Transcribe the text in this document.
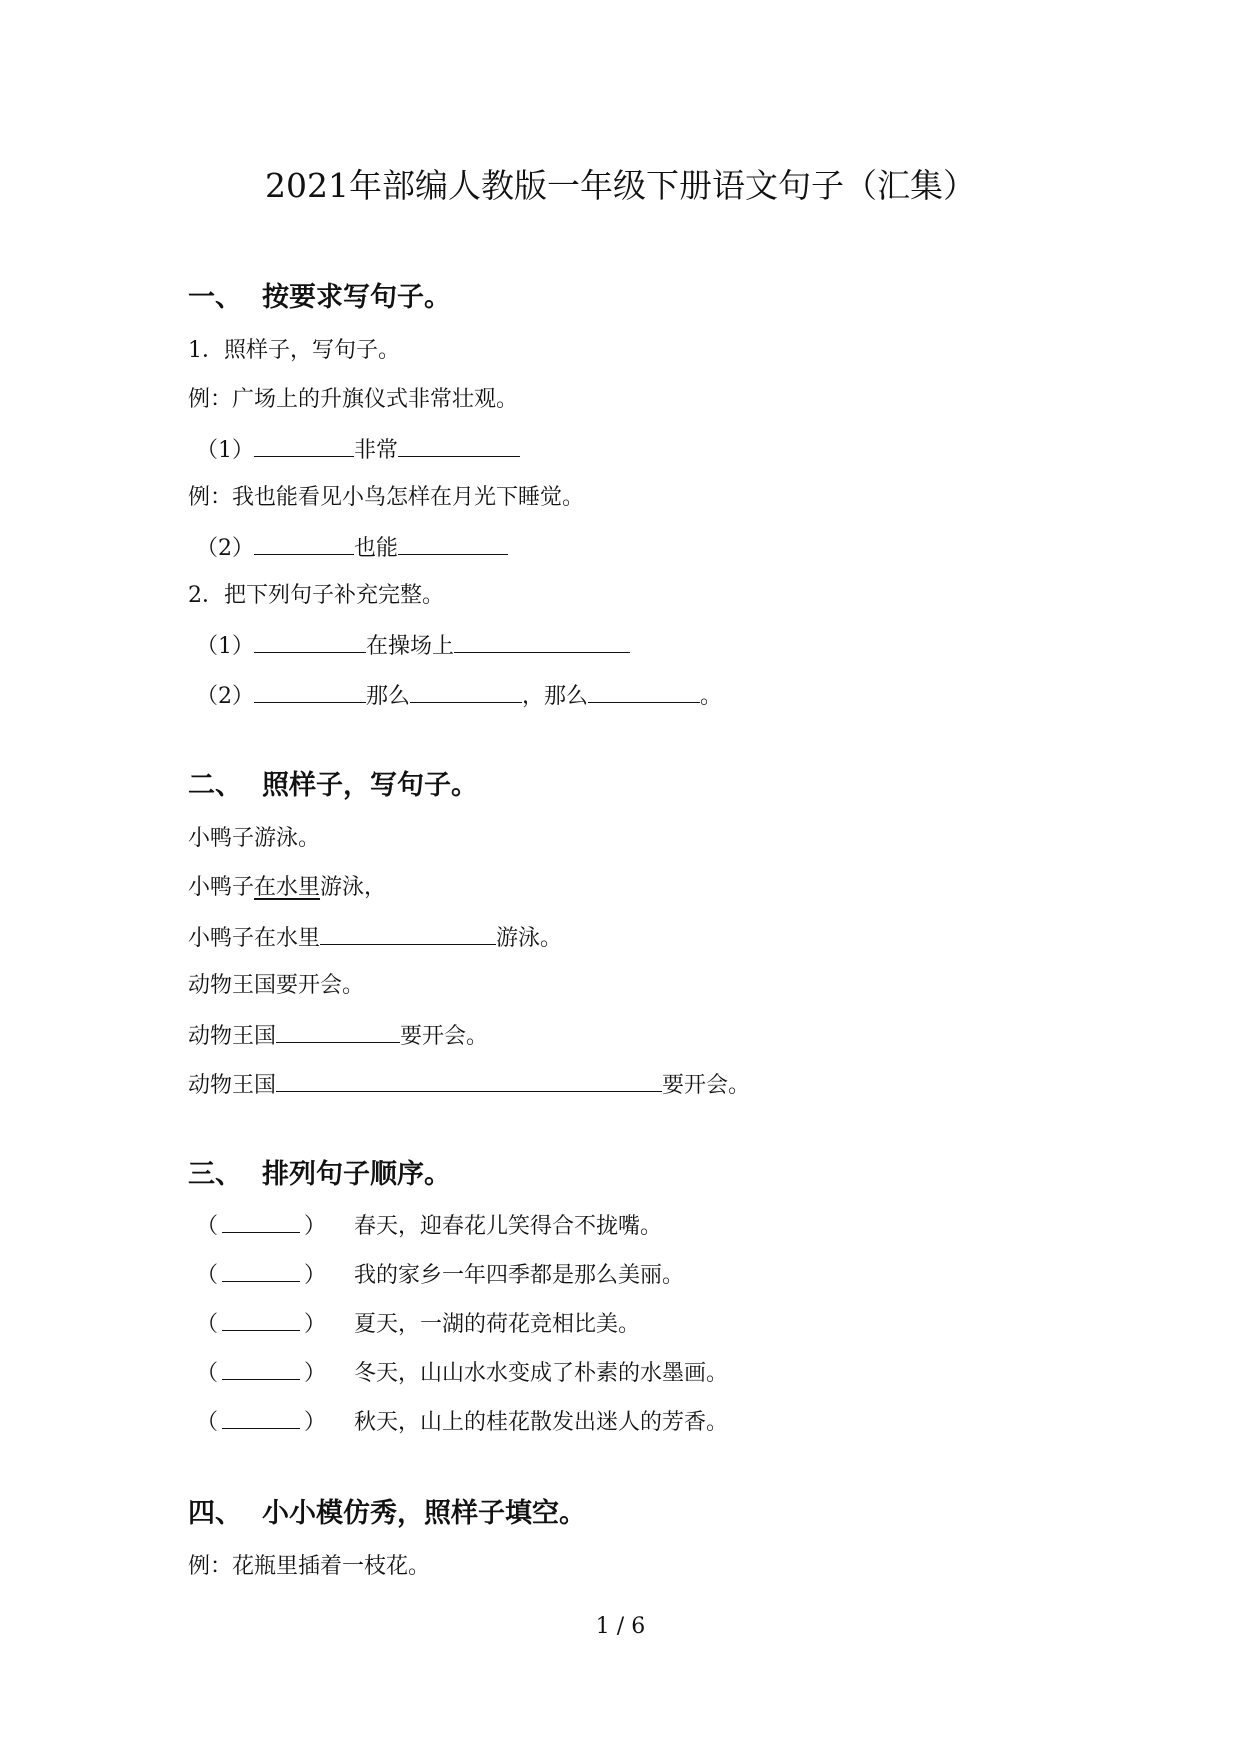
2021年部编人教版一年级下册语文句子（汇集）
一、 按要求写句子。
1．照样子，写句子。
例：广场上的升旗仪式非常壮观。
（1）	非常
例：我也能看见小鸟怎样在月光下睡觉。
（2）	也能
2．把下列句子补充完整。
（1）	在操场上
（2）	那么	，那么	。
二、 照样子，写句子。
小鸭子游泳。
小鸭子在水里游泳，
小鸭子在水里	游泳。
动物王国要开会。
动物王国	要开会。
动物王国	要开会。
三、 排列句子顺序。
（	） 春天，迎春花儿笑得合不拢嘴。
（	） 我的家乡一年四季都是那么美丽。
（	） 夏天，一湖的荷花竞相比美。
（	） 冬天，山山水水变成了朴素的水墨画。
（	） 秋天，山上的桂花散发出迷人的芳香。
四、 小小模仿秀，照样子填空。
例：花瓶里插着一枝花。
1 / 6
